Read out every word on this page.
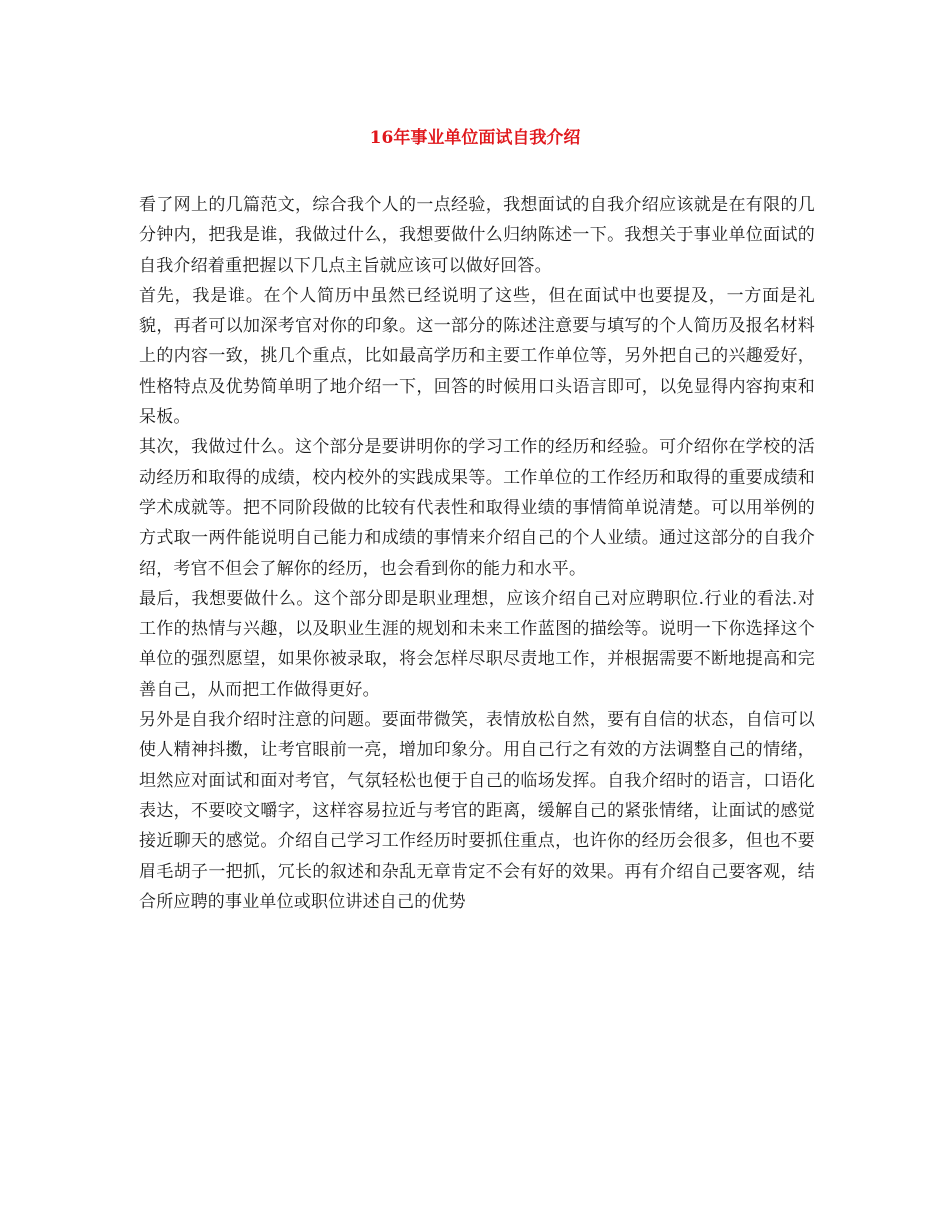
16年事业单位面试自我介绍

看了网上的几篇范文，综合我个人的一点经验，我想面试的自我介绍应该就是在有限的几分钟内，把我是谁，我做过什么，我想要做什么归纳陈述一下。我想关于事业单位面试的自我介绍着重把握以下几点主旨就应该可以做好回答。

首先，我是谁。在个人简历中虽然已经说明了这些，但在面试中也要提及，一方面是礼貌，再者可以加深考官对你的印象。这一部分的陈述注意要与填写的个人简历及报名材料上的内容一致，挑几个重点，比如最高学历和主要工作单位等，另外把自己的兴趣爱好，性格特点及优势简单明了地介绍一下，回答的时候用口头语言即可，以免显得内容拘束和呆板。

其次，我做过什么。这个部分是要讲明你的学习工作的经历和经验。可介绍你在学校的活动经历和取得的成绩，校内校外的实践成果等。工作单位的工作经历和取得的重要成绩和学术成就等。把不同阶段做的比较有代表性和取得业绩的事情简单说清楚。可以用举例的方式取一两件能说明自己能力和成绩的事情来介绍自己的个人业绩。通过这部分的自我介绍，考官不但会了解你的经历，也会看到你的能力和水平。

最后，我想要做什么。这个部分即是职业理想，应该介绍自己对应聘职位.行业的看法.对工作的热情与兴趣，以及职业生涯的规划和未来工作蓝图的描绘等。说明一下你选择这个单位的强烈愿望，如果你被录取，将会怎样尽职尽责地工作，并根据需要不断地提高和完善自己，从而把工作做得更好。

另外是自我介绍时注意的问题。要面带微笑，表情放松自然，要有自信的状态，自信可以使人精神抖擞，让考官眼前一亮，增加印象分。用自己行之有效的方法调整自己的情绪，坦然应对面试和面对考官，气氛轻松也便于自己的临场发挥。自我介绍时的语言，口语化表达，不要咬文嚼字，这样容易拉近与考官的距离，缓解自己的紧张情绪，让面试的感觉接近聊天的感觉。介绍自己学习工作经历时要抓住重点，也许你的经历会很多，但也不要眉毛胡子一把抓，冗长的叙述和杂乱无章肯定不会有好的效果。再有介绍自己要客观，结合所应聘的事业单位或职位讲述自己的优势
